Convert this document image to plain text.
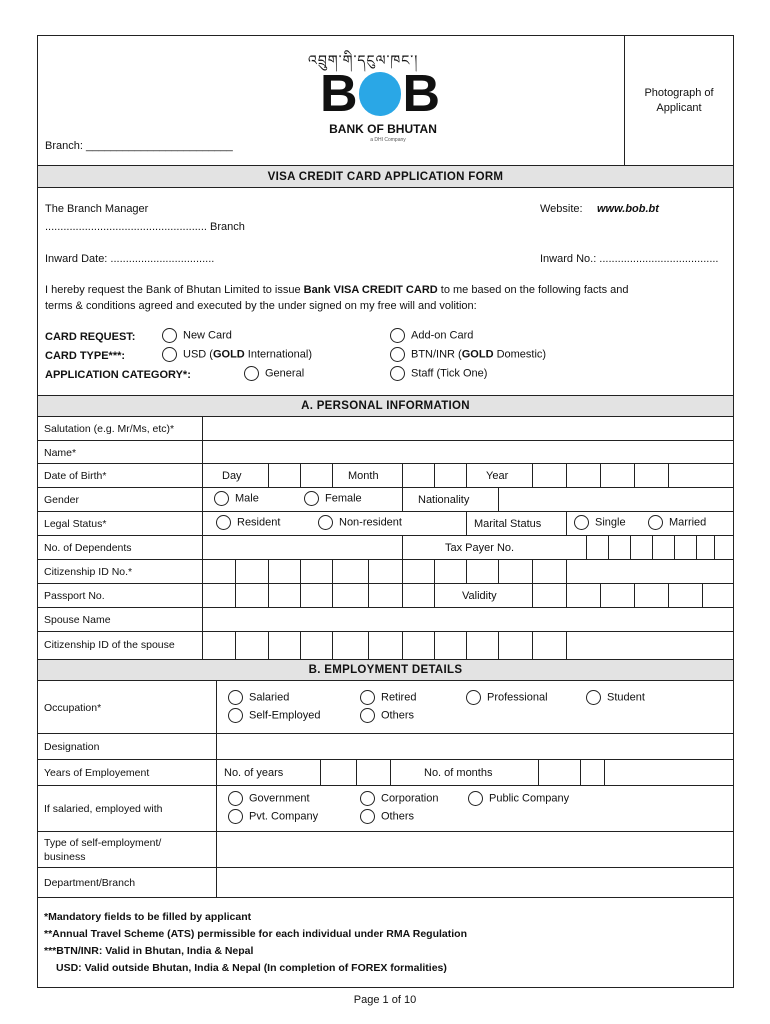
འབྲུག་གི་དངུལ་ཁང་།
B B
BANK OF BHUTAN
a DHI Company
Branch: ________________________
Photograph of Applicant
VISA CREDIT CARD APPLICATION FORM
The Branch Manager
..................................................... Branch
Website: www.bob.bt
Inward Date: ..................................	Inward No.: .......................................
I hereby request the Bank of Bhutan Limited to issue Bank VISA CREDIT CARD to me based on the following facts and
terms & conditions agreed and executed by the under signed on my free will and volition:
CARD REQUEST:	New Card	Add-on Card
CARD TYPE***:	USD (GOLD International)	BTN/INR (GOLD Domestic)
APPLICATION CATEGORY*:	General	Staff (Tick One)
A. PERSONAL INFORMATION
Salutation (e.g. Mr/Ms, etc)*
Name*
Date of Birth*	Day	Month	Year
Gender	Male	Female	Nationality
Legal Status*	Resident	Non-resident	Marital Status	Single	Married
No. of Dependents	Tax Payer No.
Citizenship ID No.*
Passport No.	Validity
Spouse Name
Citizenship ID of the spouse
B. EMPLOYMENT DETAILS
Occupation*
Salaried	Retired	Professional	Student
Self-Employed	Others
Designation
Years of Employement	No. of years	No. of months
If salaried, employed with
Government	Corporation	Public Company
Pvt. Company	Others
Type of self-employment/
business
Department/Branch
*Mandatory fields to be filled by applicant
**Annual Travel Scheme (ATS) permissible for each individual under RMA Regulation
***BTN/INR: Valid in Bhutan, India & Nepal
USD: Valid outside Bhutan, India & Nepal (In completion of FOREX formalities)
Page 1 of 10
